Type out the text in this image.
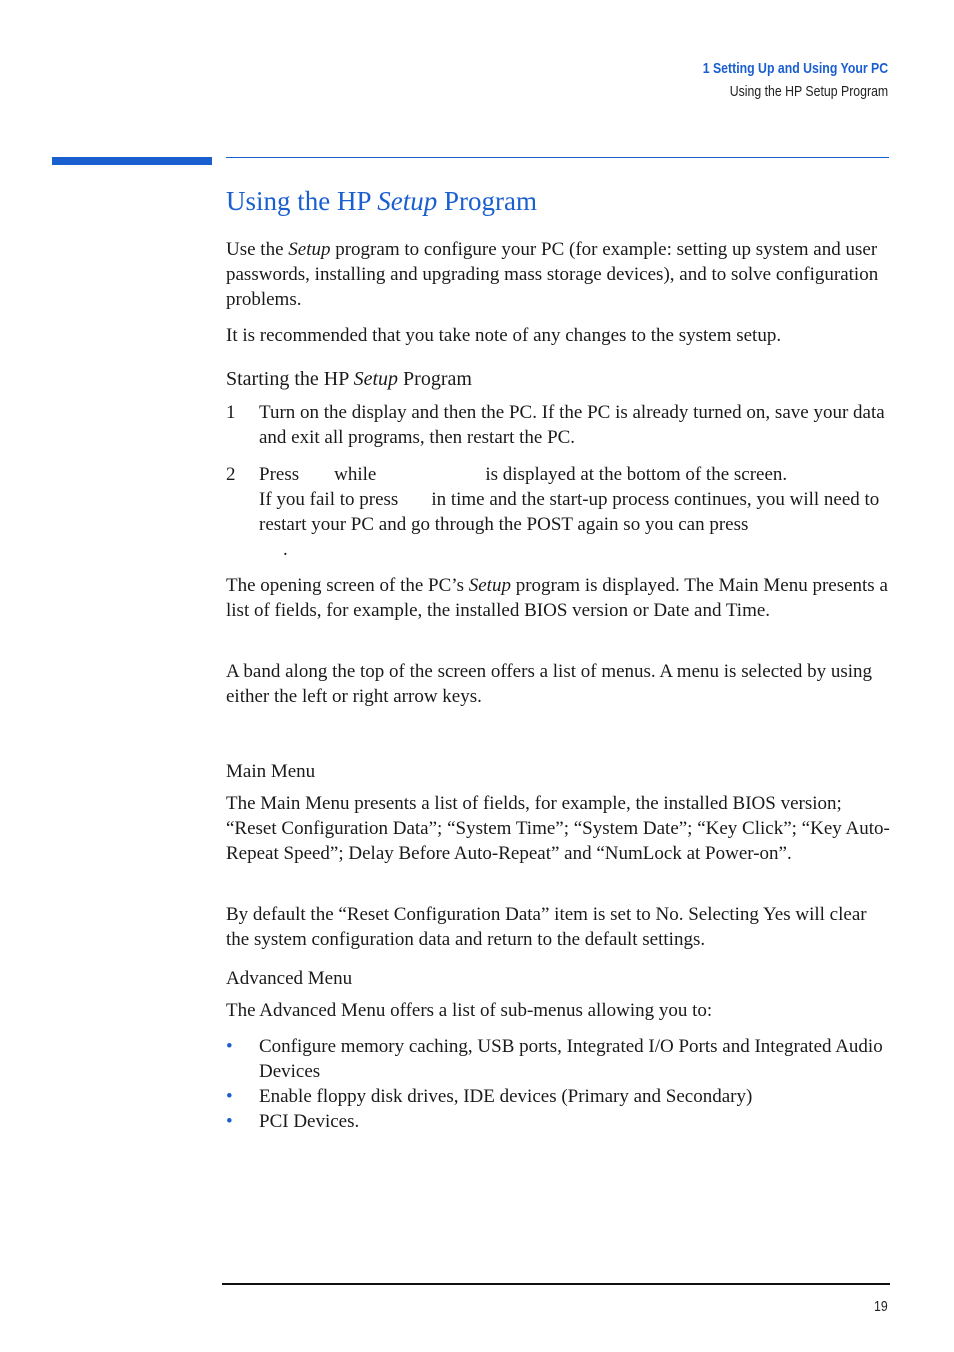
1 Setting Up and Using Your PC
Using the HP Setup Program
Using the HP Setup Program

Use the Setup program to configure your PC (for example: setting up system and user passwords, installing and upgrading mass storage devices), and to solve configuration problems.

It is recommended that you take note of any changes to the system setup.

Starting the HP Setup Program
1 Turn on the display and then the PC. If the PC is already turned on, save your data and exit all programs, then restart the PC.

2 Press while	is displayed at the bottom of the screen.
If you fail to press in time and the start-up process continues, you will need to restart your PC and go through the POST again so you can press
.

The opening screen of the PC’s Setup program is displayed. The Main Menu presents a list of fields, for example, the installed BIOS version or Date and Time.

A band along the top of the screen offers a list of menus. A menu is selected by using either the left or right arrow keys.

Main Menu

The Main Menu presents a list of fields, for example, the installed BIOS version; “Reset Configuration Data”; “System Time”; “System Date”; “Key Click”; “Key Auto-Repeat Speed”; Delay Before Auto-Repeat” and “NumLock at Power-on”.

By default the “Reset Configuration Data” item is set to No. Selecting Yes will clear the system configuration data and return to the default settings.

Advanced Menu

The Advanced Menu offers a list of sub-menus allowing you to:

• Configure memory caching, USB ports, Integrated I/O Ports and Integrated Audio Devices

• Enable floppy disk drives, IDE devices (Primary and Secondary)

• PCI Devices.

19
